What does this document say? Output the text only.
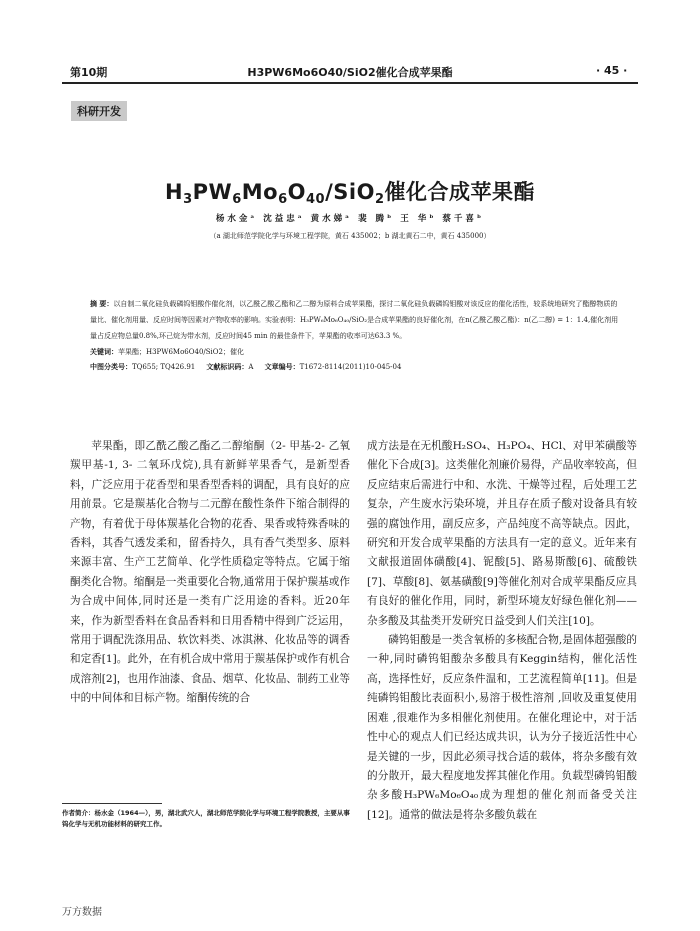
第10期	H3PW6Mo6O40/SiO2催化合成苹果酯	· 45 ·
科研开发
$H_3PW_6Mo_6O_{40}/SiO_2$催化合成苹果酯
杨水金ᵃ 沈益忠ᵃ 黄水娣ᵃ 裴 腾ᵇ 王 华ᵇ 蔡千喜ᵇ
（a 湖北师范学院化学与环境工程学院，黄石 435002；b 湖北黄石二中，黄石 435000）
摘 要：以自制二氧化硅负载磷钨钼酸作催化剂，以乙酰乙酸乙酯和乙二醇为原料合成苹果酯，探讨二氧化硅负载磷钨钼酸对该反应的催化活性，较系统地研究了酯醇物质的量比、催化剂用量、反应时间等因素对产物收率的影响。实验表明：H₃PW₆Mo₆O₄₀/SiO₂是合成苹果酯的良好催化剂，在n(乙酰乙酸乙酯)：n(乙二醇) = 1：1.4,催化剂用量占反应物总量0.8%,环己烷为带水剂，反应时间45 min 的最佳条件下，苹果酯的收率可达63.3 %。
关键词：苹果酯；H3PW6Mo6O40/SiO2；催化
中图分类号：TQ655; TQ426.91 文献标识码：A 文章编号：T1672-8114(2011)10-045-04

苹果酯，即乙酰乙酸乙酯乙二醇缩酮（2- 甲基-2- 乙氧羰甲基-1, 3- 二氧环戊烷),具有新鲜苹果香气，是新型香料，广泛应用于花香型和果香型香料的调配，具有良好的应用前景。它是羰基化合物与二元醇在酸性条件下缩合制得的产物，有着优于母体羰基化合物的花香、果香或特殊香味的香料，其香气透发柔和，留香持久，具有香气类型多、原料来源丰富、生产工艺简单、化学性质稳定等特点。它属于缩酮类化合物。缩酮是一类重要化合物,通常用于保护羰基或作为合成中间体,同时还是一类有广泛用途的香料。近20年来，作为新型香料在食品香料和日用香精中得到广泛运用，常用于调配洗涤用品、软饮料类、冰淇淋、化妆品等的调香和定香[1]。此外，在有机合成中常用于羰基保护或作有机合成溶剂[2]，也用作油漆、食品、烟草、化妆品、制药工业等中的中间体和目标产物。缩酮传统的合

成方法是在无机酸H₂SO₄、H₃PO₄、HCl、对甲苯磺酸等催化下合成[3]。这类催化剂廉价易得，产品收率较高，但反应结束后需进行中和、水洗、干燥等过程，后处理工艺复杂，产生废水污染环境，并且存在质子酸对设备具有较强的腐蚀作用，副反应多，产品纯度不高等缺点。因此，研究和开发合成苹果酯的方法具有一定的意义。近年来有文献报道固体磺酸[4]、铌酸[5]、路易斯酸[6]、硫酸铁[7]、草酸[8]、氨基磺酸[9]等催化剂对合成苹果酯反应具有良好的催化作用，同时，新型环境友好绿色催化剂——杂多酸及其盐类开发研究日益受到人们关注[10]。

磷钨钼酸是一类含氧桥的多核配合物,是固体超强酸的一种,同时磷钨钼酸杂多酸具有Keggin结构，催化活性高，选择性好，反应条件温和，工艺流程简单[11]。但是纯磷钨钼酸比表面积小,易溶于极性溶剂 ,回收及重复使用困难 ,很难作为多相催化剂使用。在催化理论中，对于活性中心的观点人们已经达成共识，认为分子接近活性中心是关键的一步，因此必须寻找合适的载体，将杂多酸有效的分散开，最大程度地发挥其催化作用。负载型磷钨钼酸杂多酸H₃PW₆Mo₆O₄₀成为理想的催化剂而备受关注[12]。通常的做法是将杂多酸负载在

作者简介：杨水金（1964—），男，湖北武穴人，湖北师范学院化学与环境工程学院教授，主要从事钨化学与无机功能材料的研究工作。
万方数据
